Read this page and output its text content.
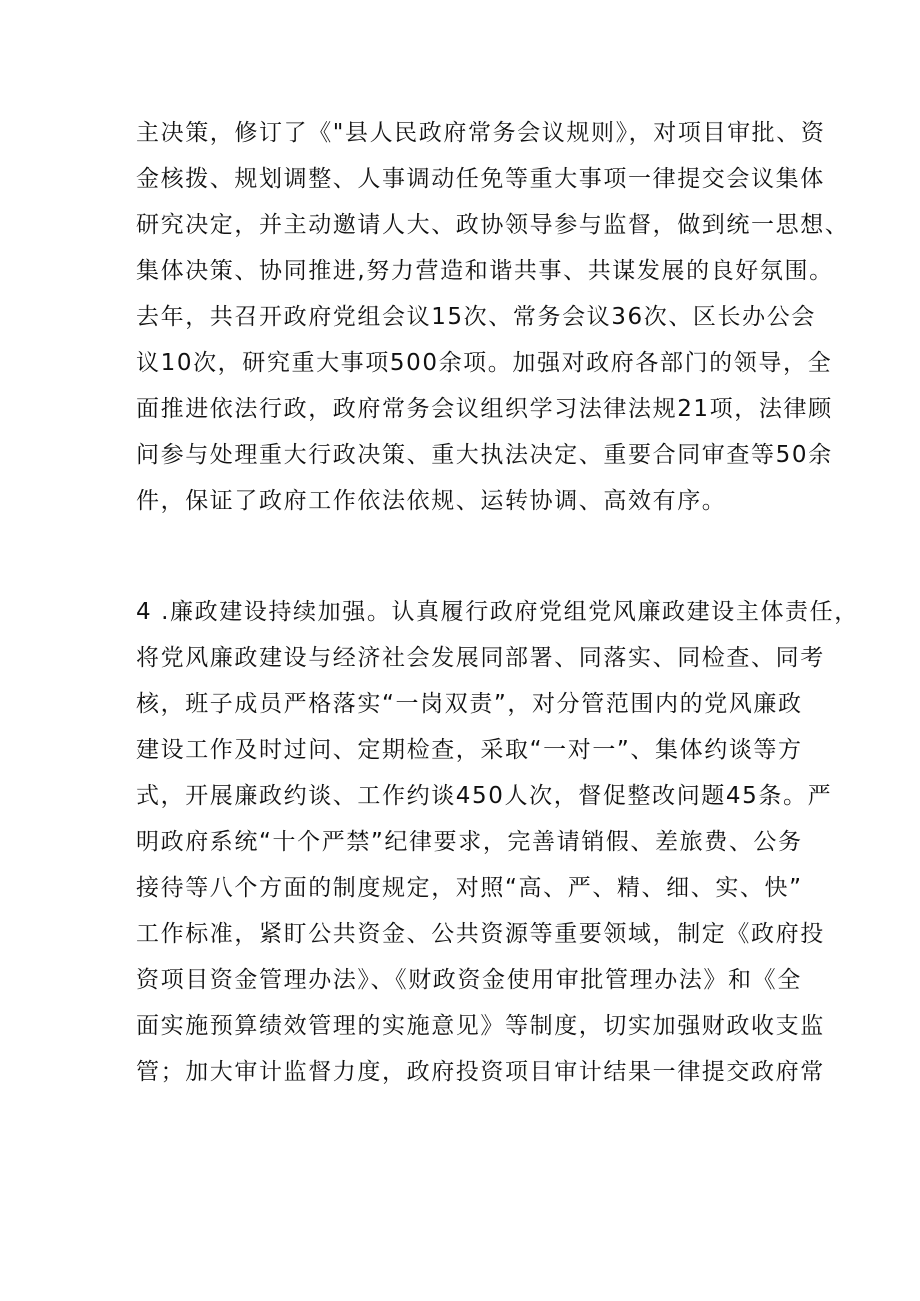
主决策，修订了《"县人民政府常务会议规则》，对项目审批、资
金核拨、规划调整、人事调动任免等重大事项一律提交会议集体
研究决定，并主动邀请人大、政协领导参与监督，做到统一思想、
集体决策、协同推进,努力营造和谐共事、共谋发展的良好氛围。
去年，共召开政府党组会议15次、常务会议36次、区长办公会
议10次，研究重大事项500余项。加强对政府各部门的领导，全
面推进依法行政，政府常务会议组织学习法律法规21项，法律顾
问参与处理重大行政决策、重大执法决定、重要合同审查等50余
件，保证了政府工作依法依规、运转协调、高效有序。
4 .廉政建设持续加强。认真履行政府党组党风廉政建设主体责任，
将党风廉政建设与经济社会发展同部署、同落实、同检查、同考
核，班子成员严格落实“一岗双责”，对分管范围内的党风廉政
建设工作及时过问、定期检查，采取“一对一”、集体约谈等方
式，开展廉政约谈、工作约谈450人次，督促整改问题45条。严
明政府系统“十个严禁”纪律要求，完善请销假、差旅费、公务
接待等八个方面的制度规定，对照“高、严、精、细、实、快”
工作标准，紧盯公共资金、公共资源等重要领域，制定《政府投
资项目资金管理办法》、《财政资金使用审批管理办法》和《全
面实施预算绩效管理的实施意见》等制度，切实加强财政收支监
管；加大审计监督力度，政府投资项目审计结果一律提交政府常
